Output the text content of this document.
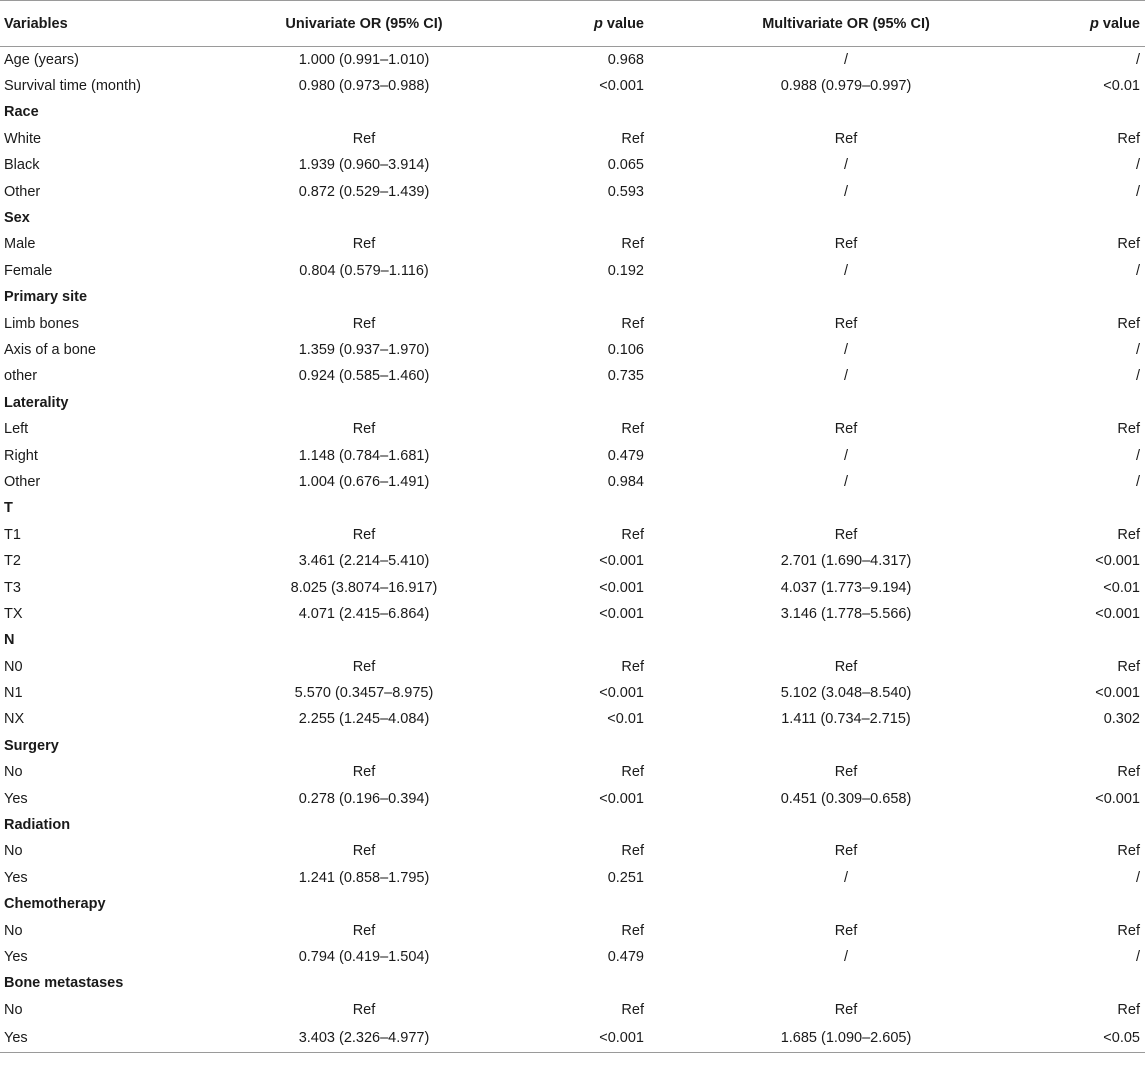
Variables	Univariate OR (95% CI)	p value	Multivariate OR (95% CI)	p value
Age (years)	1.000 (0.991–1.010)	0.968	/	/
Survival time (month)	0.980 (0.973–0.988)	<0.001	0.988 (0.979–0.997)	<0.01
Race				
White	Ref	Ref	Ref	Ref
Black	1.939 (0.960–3.914)	0.065	/	/
Other	0.872 (0.529–1.439)	0.593	/	/
Sex				
Male	Ref	Ref	Ref	Ref
Female	0.804 (0.579–1.116)	0.192	/	/
Primary site				
Limb bones	Ref	Ref	Ref	Ref
Axis of a bone	1.359 (0.937–1.970)	0.106	/	/
other	0.924 (0.585–1.460)	0.735	/	/
Laterality				
Left	Ref	Ref	Ref	Ref
Right	1.148 (0.784–1.681)	0.479	/	/
Other	1.004 (0.676–1.491)	0.984	/	/
T				
T1	Ref	Ref	Ref	Ref
T2	3.461 (2.214–5.410)	<0.001	2.701 (1.690–4.317)	<0.001
T3	8.025 (3.8074–16.917)	<0.001	4.037 (1.773–9.194)	<0.01
TX	4.071 (2.415–6.864)	<0.001	3.146 (1.778–5.566)	<0.001
N				
N0	Ref	Ref	Ref	Ref
N1	5.570 (0.3457–8.975)	<0.001	5.102 (3.048–8.540)	<0.001
NX	2.255 (1.245–4.084)	<0.01	1.411 (0.734–2.715)	0.302
Surgery				
No	Ref	Ref	Ref	Ref
Yes	0.278 (0.196–0.394)	<0.001	0.451 (0.309–0.658)	<0.001
Radiation				
No	Ref	Ref	Ref	Ref
Yes	1.241 (0.858–1.795)	0.251	/	/
Chemotherapy				
No	Ref	Ref	Ref	Ref
Yes	0.794 (0.419–1.504)	0.479	/	/
Bone metastases				
No	Ref	Ref	Ref	Ref
Yes	3.403 (2.326–4.977)	<0.001	1.685 (1.090–2.605)	<0.05
